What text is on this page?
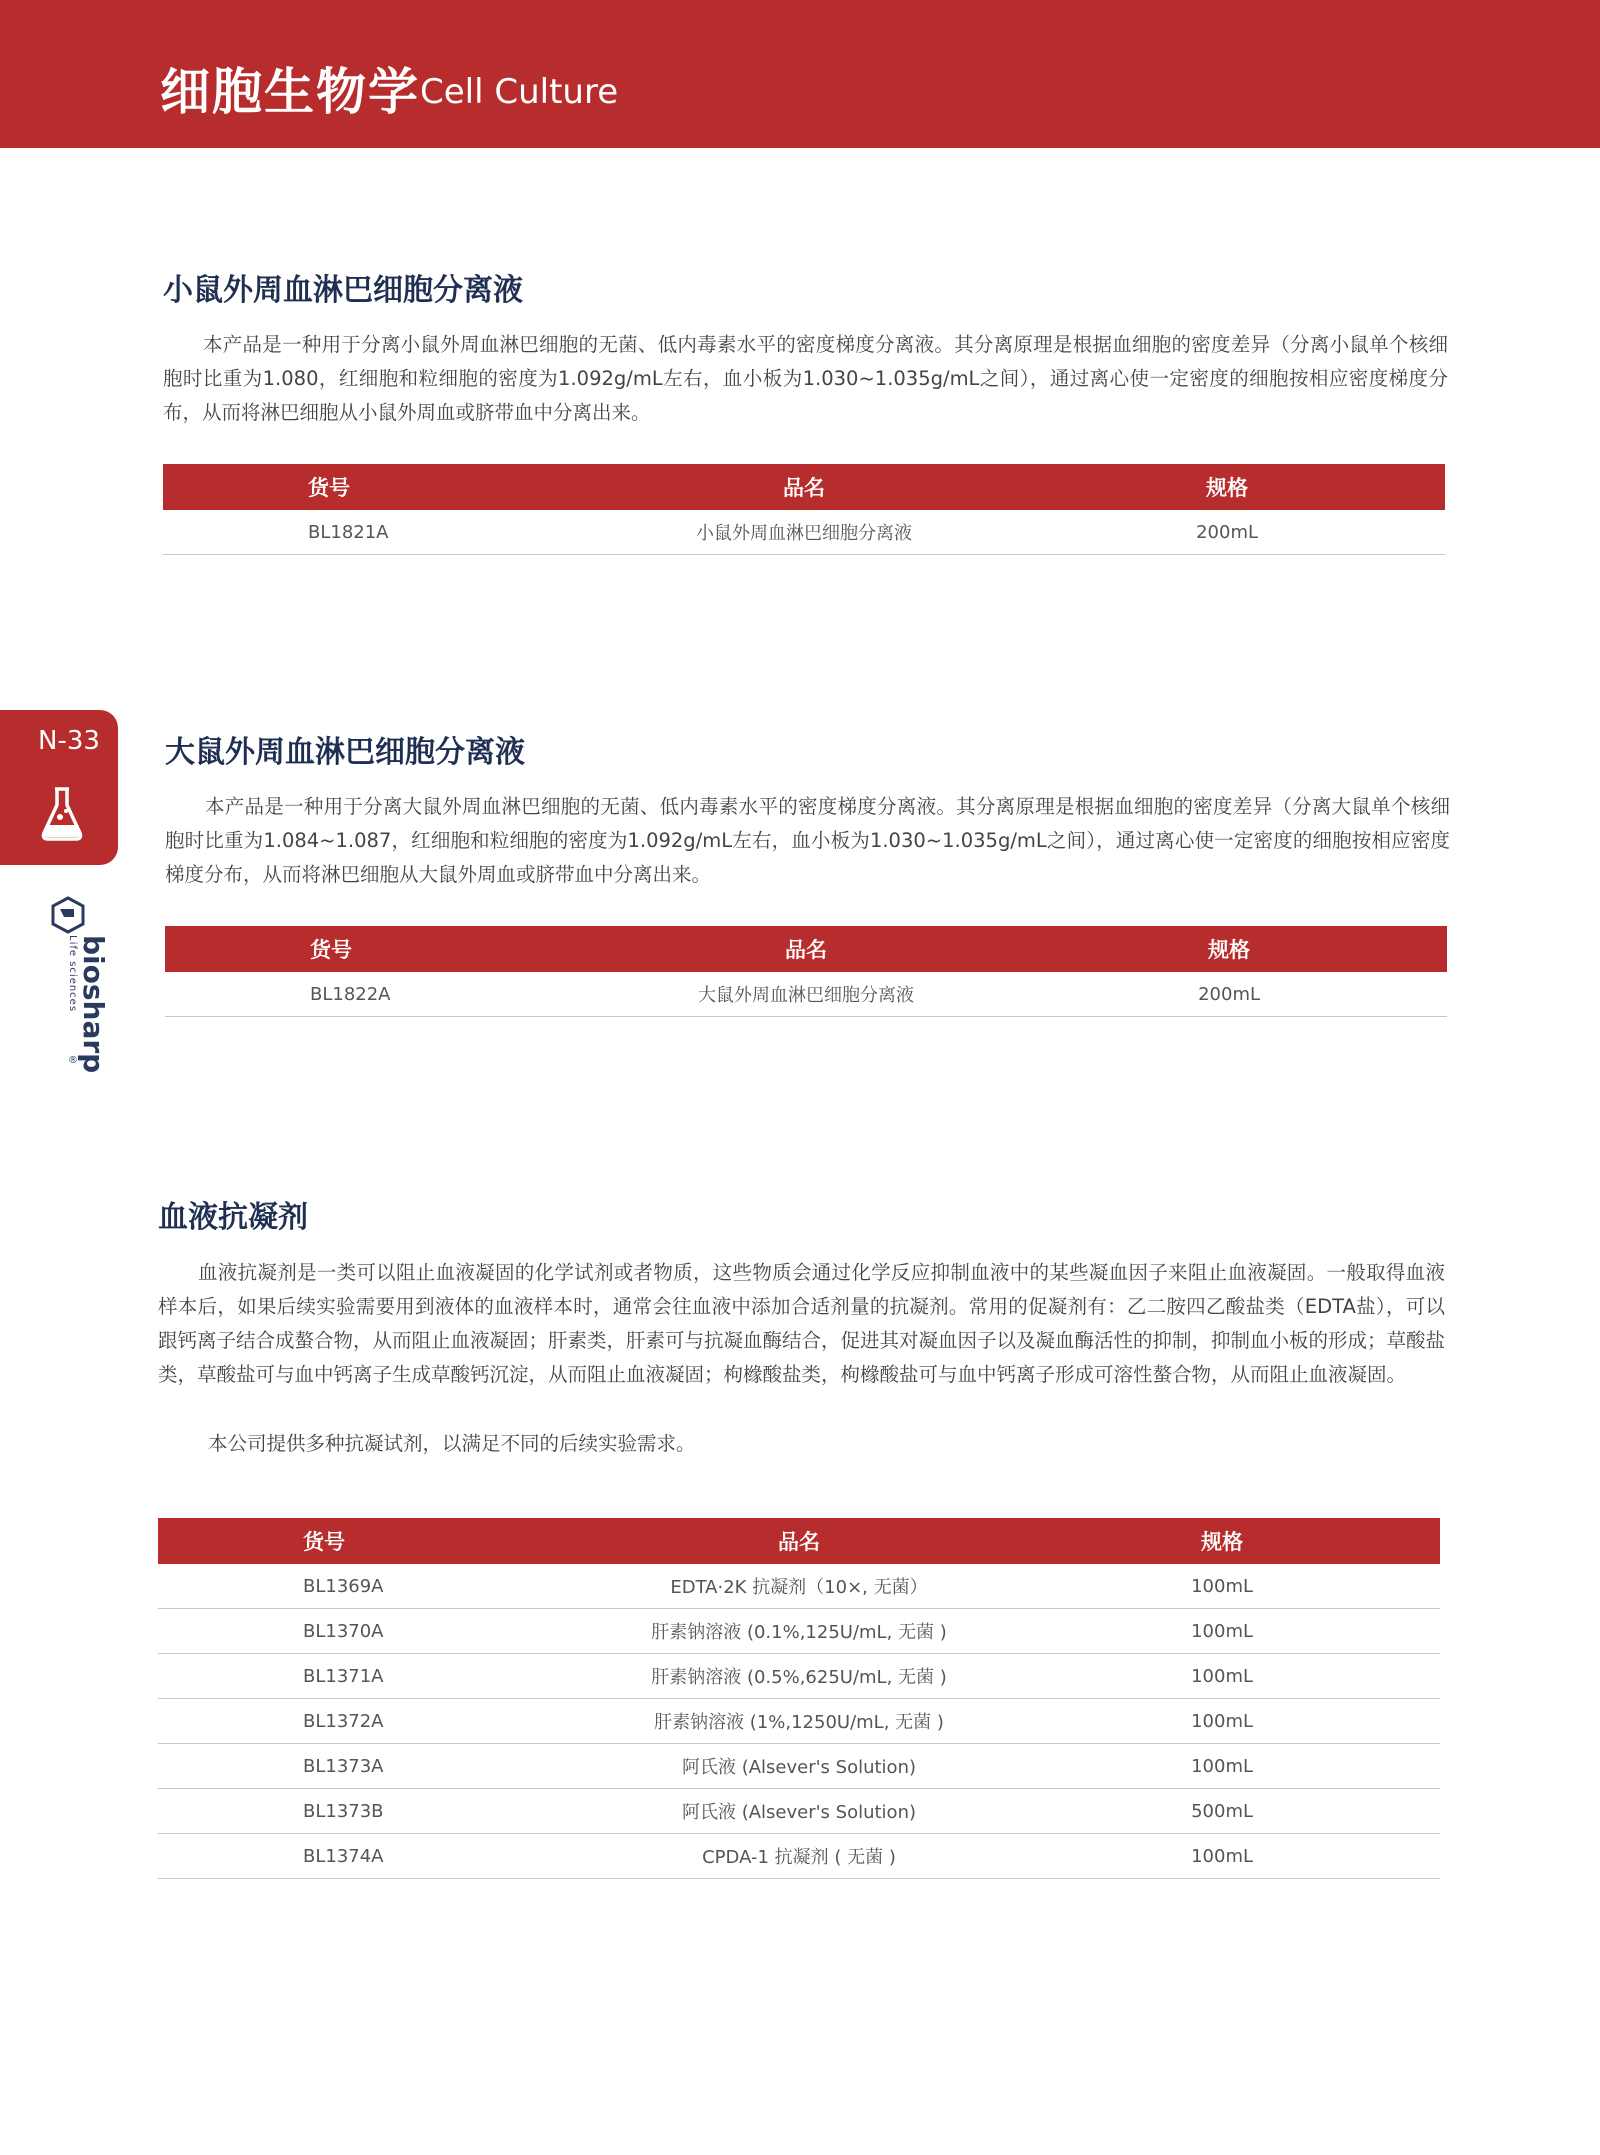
细胞生物学 Cell Culture
N-33
biosharp
Life sciences
®
小鼠外周血淋巴细胞分离液
本产品是一种用于分离小鼠外周血淋巴细胞的无菌、低内毒素水平的密度梯度分离液。其分离原理是根据血细胞的密度差异（分离小鼠单个核细胞时比重为1.080，红细胞和粒细胞的密度为1.092g/mL左右，血小板为1.030~1.035g/mL之间），通过离心使一定密度的细胞按相应密度梯度分布，从而将淋巴细胞从小鼠外周血或脐带血中分离出来。
货号	品名	规格
BL1821A	小鼠外周血淋巴细胞分离液	200mL
大鼠外周血淋巴细胞分离液
本产品是一种用于分离大鼠外周血淋巴细胞的无菌、低内毒素水平的密度梯度分离液。其分离原理是根据血细胞的密度差异（分离大鼠单个核细胞时比重为1.084~1.087，红细胞和粒细胞的密度为1.092g/mL左右，血小板为1.030~1.035g/mL之间），通过离心使一定密度的细胞按相应密度梯度分布，从而将淋巴细胞从大鼠外周血或脐带血中分离出来。
货号	品名	规格
BL1822A	大鼠外周血淋巴细胞分离液	200mL
血液抗凝剂
血液抗凝剂是一类可以阻止血液凝固的化学试剂或者物质，这些物质会通过化学反应抑制血液中的某些凝血因子来阻止血液凝固。一般取得血液样本后，如果后续实验需要用到液体的血液样本时，通常会往血液中添加合适剂量的抗凝剂。常用的促凝剂有：乙二胺四乙酸盐类（EDTA盐），可以跟钙离子结合成螯合物，从而阻止血液凝固；肝素类，肝素可与抗凝血酶结合，促进其对凝血因子以及凝血酶活性的抑制，抑制血小板的形成；草酸盐类，草酸盐可与血中钙离子生成草酸钙沉淀，从而阻止血液凝固；枸橼酸盐类，枸橼酸盐可与血中钙离子形成可溶性螯合物，从而阻止血液凝固。
本公司提供多种抗凝试剂，以满足不同的后续实验需求。
货号	品名	规格
BL1369A	EDTA·2K 抗凝剂（10×, 无菌）	100mL
BL1370A	肝素钠溶液 (0.1%,125U/mL, 无菌 )	100mL
BL1371A	肝素钠溶液 (0.5%,625U/mL, 无菌 )	100mL
BL1372A	肝素钠溶液 (1%,1250U/mL, 无菌 )	100mL
BL1373A	阿氏液 (Alsever's Solution)	100mL
BL1373B	阿氏液 (Alsever's Solution)	500mL
BL1374A	CPDA-1 抗凝剂 ( 无菌 )	100mL
